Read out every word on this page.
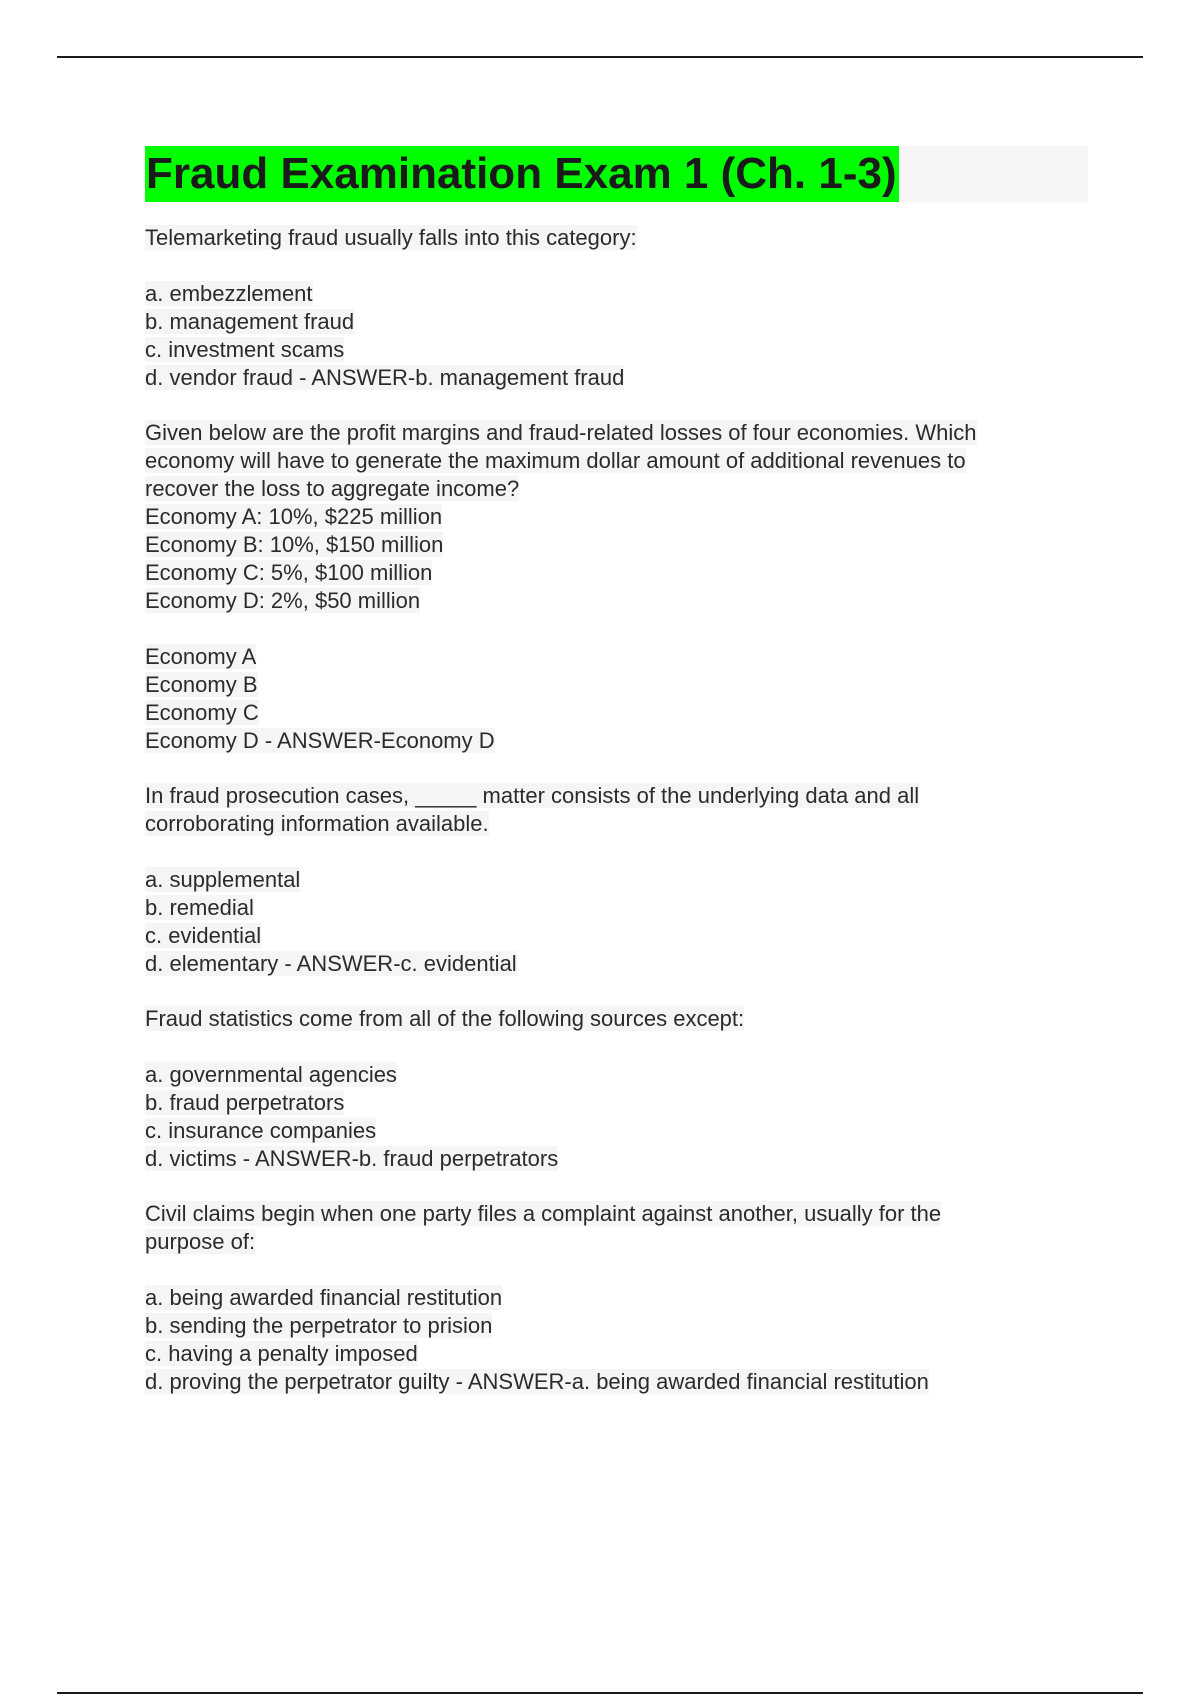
Fraud Examination Exam 1 (Ch. 1-3)
Telemarketing fraud usually falls into this category:
a. embezzlement
b. management fraud
c. investment scams
d. vendor fraud - ANSWER-b. management fraud
Given below are the profit margins and fraud-related losses of four economies. Which
economy will have to generate the maximum dollar amount of additional revenues to
recover the loss to aggregate income?
Economy A: 10%, $225 million
Economy B: 10%, $150 million
Economy C: 5%, $100 million
Economy D: 2%, $50 million
Economy A
Economy B
Economy C
Economy D - ANSWER-Economy D
In fraud prosecution cases, _____ matter consists of the underlying data and all
corroborating information available.
a. supplemental
b. remedial
c. evidential
d. elementary - ANSWER-c. evidential
Fraud statistics come from all of the following sources except:
a. governmental agencies
b. fraud perpetrators
c. insurance companies
d. victims - ANSWER-b. fraud perpetrators
Civil claims begin when one party files a complaint against another, usually for the
purpose of:
a. being awarded financial restitution
b. sending the perpetrator to prision
c. having a penalty imposed
d. proving the perpetrator guilty - ANSWER-a. being awarded financial restitution
